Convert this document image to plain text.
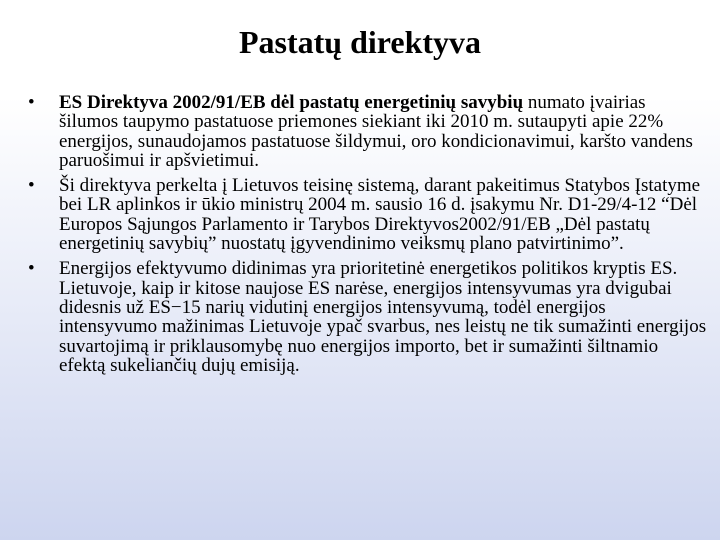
Pastatų direktyva
• ES Direktyva 2002/91/EB dėl pastatų energetinių savybių numato įvairias šilumos taupymo pastatuose priemones siekiant iki 2010 m. sutaupyti apie 22% energijos, sunaudojamos pastatuose šildymui, oro kondicionavimui, karšto vandens paruošimui ir apšvietimui.
• Ši direktyva perkelta į Lietuvos teisinę sistemą, darant pakeitimus Statybos Įstatyme bei LR aplinkos ir ūkio ministrų 2004 m. sausio 16 d. įsakymu Nr. D1-29/4-12 “Dėl Europos Sąjungos Parlamento ir Tarybos Direktyvos2002/91/EB „Dėl pastatų energetinių savybių” nuostatų įgyvendinimo veiksmų plano patvirtinimo”.
• Energijos efektyvumo didinimas yra prioritetinė energetikos politikos kryptis ES. Lietuvoje, kaip ir kitose naujose ES narėse, energijos intensyvumas yra dvigubai didesnis už ES−15 narių vidutinį energijos intensyvumą, todėl energijos intensyvumo mažinimas Lietuvoje ypač svarbus, nes leistų ne tik sumažinti energijos suvartojimą ir priklausomybę nuo energijos importo, bet ir sumažinti šiltnamio efektą sukeliančių dujų emisiją.
